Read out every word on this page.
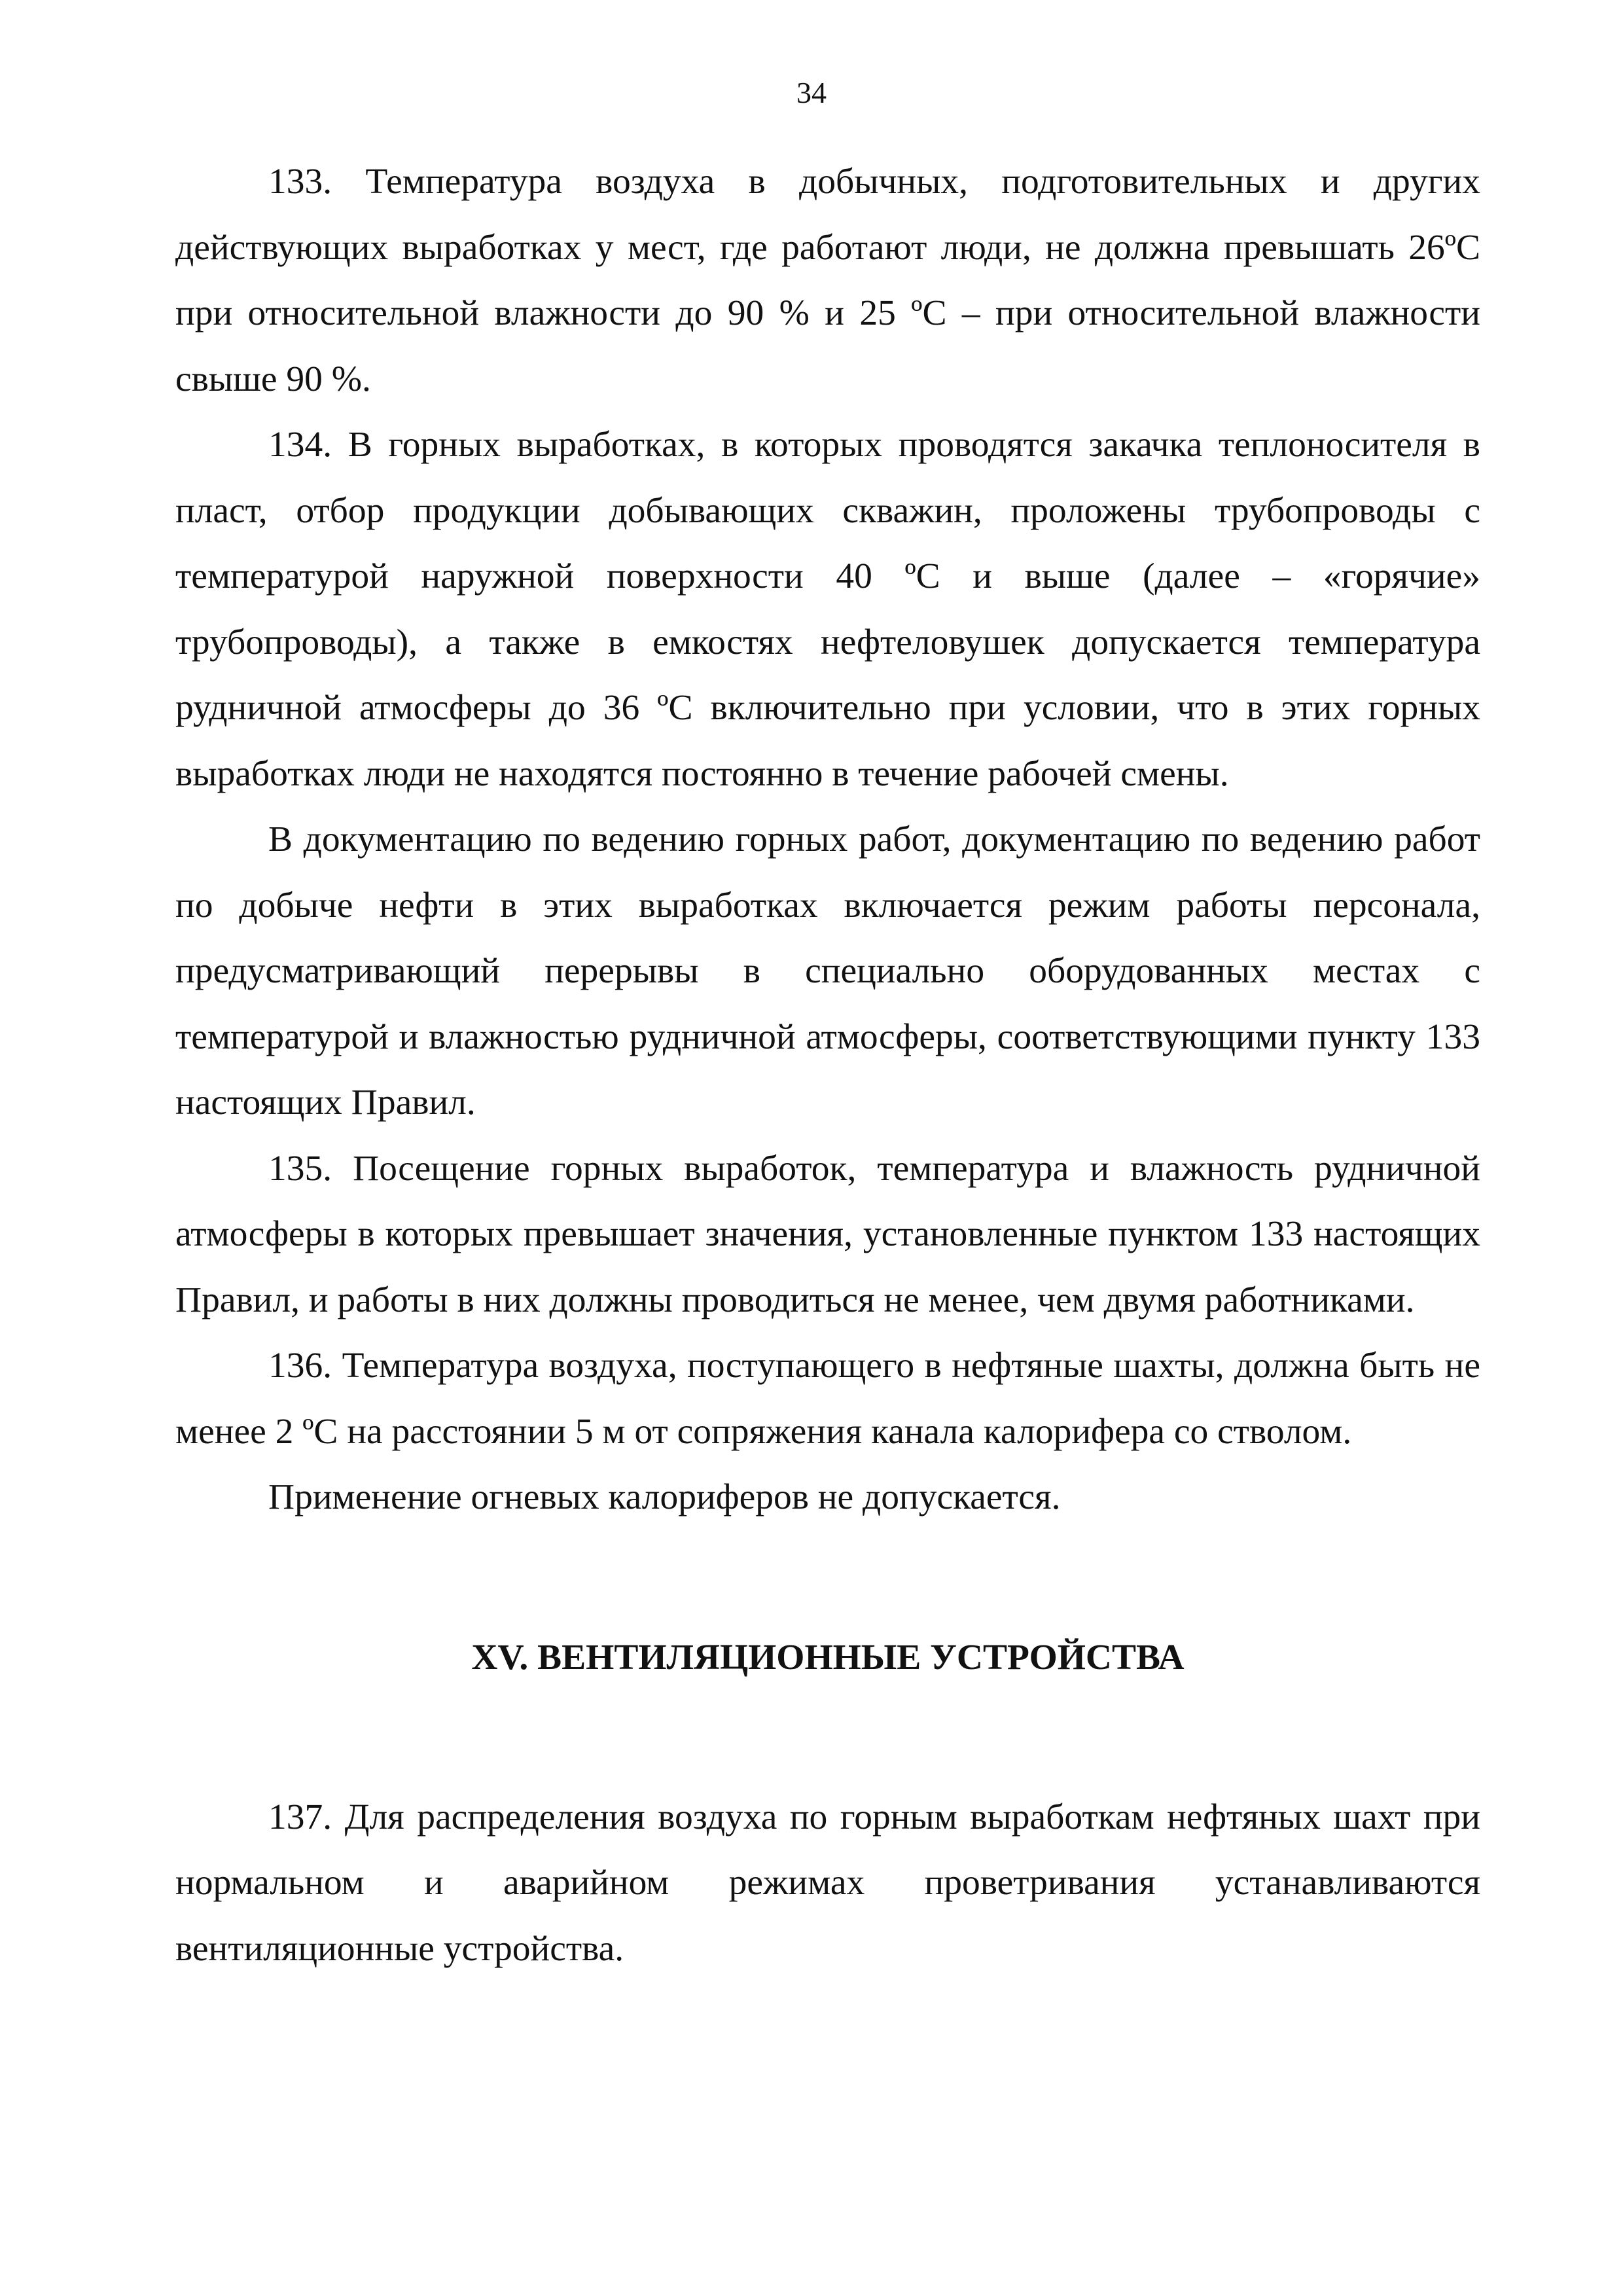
34

133. Температура воздуха в добычных, подготовительных и других действующих выработках у мест, где работают люди, не должна превышать 26ºС при относительной влажности до 90 % и 25 ºС – при относительной влажности свыше 90 %.

134. В горных выработках, в которых проводятся закачка теплоносителя в пласт, отбор продукции добывающих скважин, проложены трубопроводы с температурой наружной поверхности 40 ºС и выше (далее – «горячие» трубопроводы), а также в емкостях нефтеловушек допускается температура рудничной атмосферы до 36 ºС включительно при условии, что в этих горных выработках люди не находятся постоянно в течение рабочей смены.

В документацию по ведению горных работ, документацию по ведению работ по добыче нефти в этих выработках включается режим работы персонала, предусматривающий перерывы в специально оборудованных местах с температурой и влажностью рудничной атмосферы, соответствующими пункту 133 настоящих Правил.

135. Посещение горных выработок, температура и влажность рудничной атмосферы в которых превышает значения, установленные пунктом 133 настоящих Правил, и работы в них должны проводиться не менее, чем двумя работниками.

136. Температура воздуха, поступающего в нефтяные шахты, должна быть не менее 2 ºС на расстоянии 5 м от сопряжения канала калорифера со стволом.

Применение огневых калориферов не допускается.

XV. ВЕНТИЛЯЦИОННЫЕ УСТРОЙСТВА

137. Для распределения воздуха по горным выработкам нефтяных шахт при нормальном и аварийном режимах проветривания устанавливаются вентиляционные устройства.
